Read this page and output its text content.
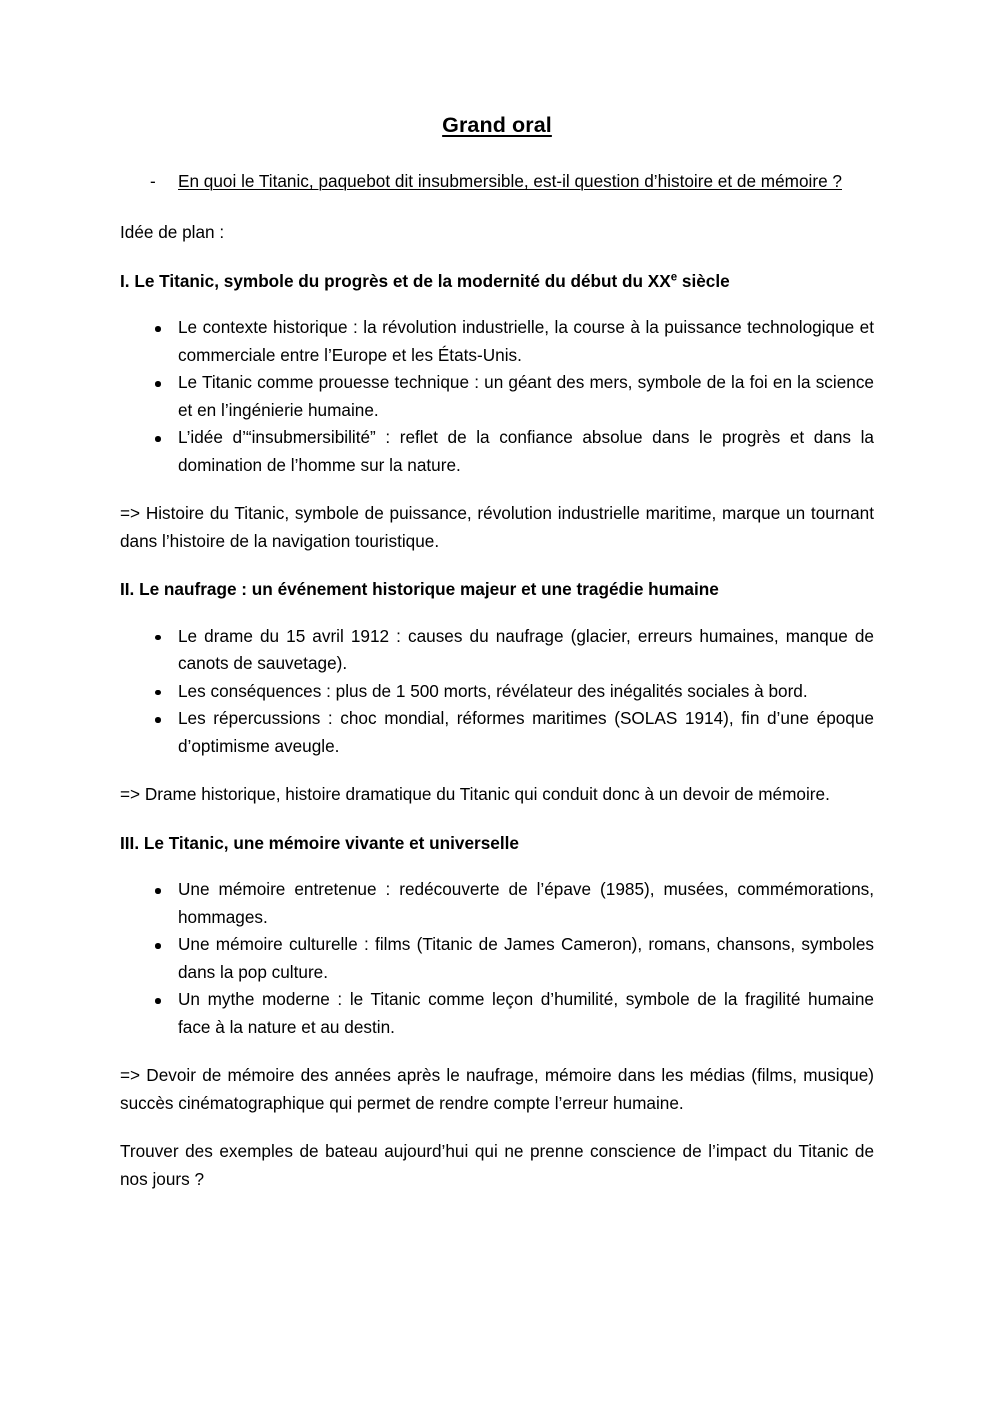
Grand oral
- En quoi le Titanic, paquebot dit insubmersible, est-il question d’histoire et de mémoire ?

Idée de plan :

I. Le Titanic, symbole du progrès et de la modernité du début du XXe siècle
Le contexte historique : la révolution industrielle, la course à la puissance technologique et commerciale entre l’Europe et les États-Unis.
Le Titanic comme prouesse technique : un géant des mers, symbole de la foi en la science et en l’ingénierie humaine.
L’idée d’“insubmersibilité” : reflet de la confiance absolue dans le progrès et dans la domination de l’homme sur la nature.

=> Histoire du Titanic, symbole de puissance, révolution industrielle maritime, marque un tournant dans l’histoire de la navigation touristique.

II. Le naufrage : un événement historique majeur et une tragédie humaine
Le drame du 15 avril 1912 : causes du naufrage (glacier, erreurs humaines, manque de canots de sauvetage).
Les conséquences : plus de 1 500 morts, révélateur des inégalités sociales à bord.
Les répercussions : choc mondial, réformes maritimes (SOLAS 1914), fin d’une époque d’optimisme aveugle.

=> Drame historique, histoire dramatique du Titanic qui conduit donc à un devoir de mémoire.

III. Le Titanic, une mémoire vivante et universelle
Une mémoire entretenue : redécouverte de l’épave (1985), musées, commémorations, hommages.
Une mémoire culturelle : films (Titanic de James Cameron), romans, chansons, symboles dans la pop culture.
Un mythe moderne : le Titanic comme leçon d’humilité, symbole de la fragilité humaine face à la nature et au destin.

=> Devoir de mémoire des années après le naufrage, mémoire dans les médias (films, musique) succès cinématographique qui permet de rendre compte l’erreur humaine.

Trouver des exemples de bateau aujourd’hui qui ne prenne conscience de l’impact du Titanic de nos jours ?
